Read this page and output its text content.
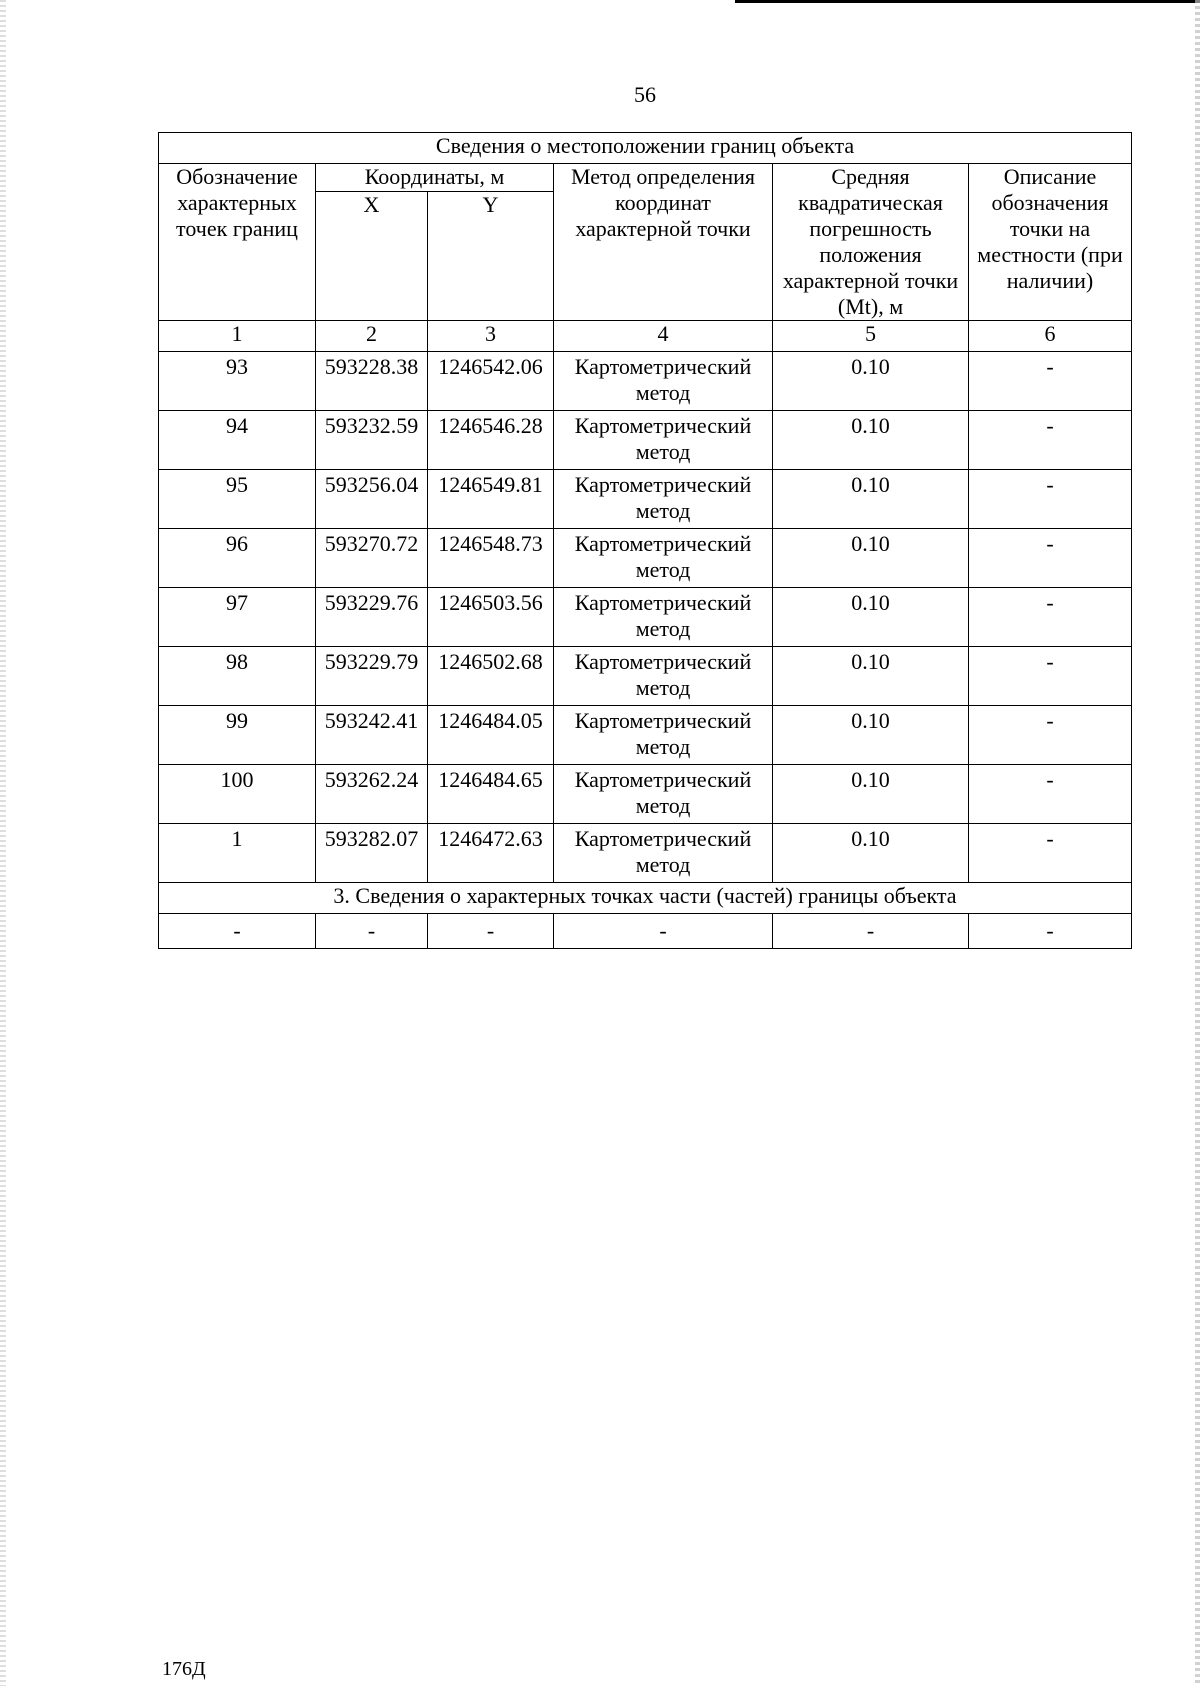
56
Сведения о местоположении границ объекта					
Обозначение характерных точек границ	Координаты, м		Метод определения координат характерной точки	Средняя квадратическая погрешность положения характерной точки (Mt), м	Описание обозначения точки на местности (при наличии)
	X	Y			
1	2	3	4	5	6
93	593228.38	1246542.06	Картометрический метод	0.10	-
94	593232.59	1246546.28	Картометрический метод	0.10	-
95	593256.04	1246549.81	Картометрический метод	0.10	-
96	593270.72	1246548.73	Картометрический метод	0.10	-
97	593229.76	1246503.56	Картометрический метод	0.10	-
98	593229.79	1246502.68	Картометрический метод	0.10	-
99	593242.41	1246484.05	Картометрический метод	0.10	-
100	593262.24	1246484.65	Картометрический метод	0.10	-
1	593282.07	1246472.63	Картометрический метод	0.10	-
3. Сведения о характерных точках части (частей) границы объекта					
-	-	-	-	-	-
176Д
